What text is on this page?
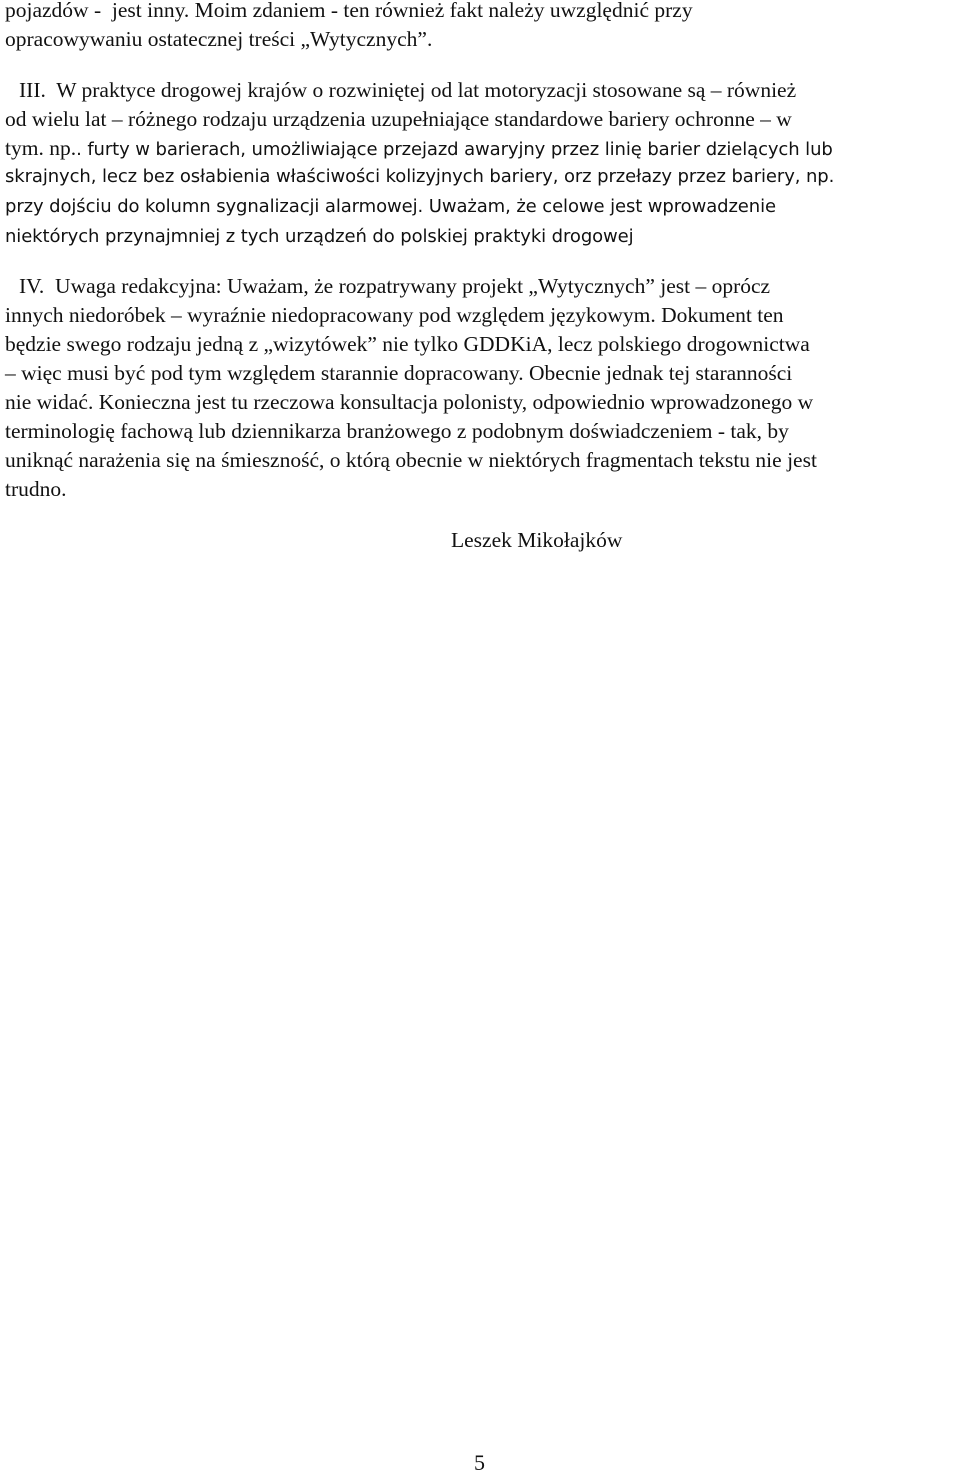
pojazdów -  jest inny. Moim zdaniem - ten również fakt należy uwzględnić przy
opracowywaniu ostatecznej treści „Wytycznych”.
III.  W praktyce drogowej krajów o rozwiniętej od lat motoryzacji stosowane są – również
od wielu lat – różnego rodzaju urządzenia uzupełniające standardowe bariery ochronne – w
tym. np.. furty w barierach, umożliwiające przejazd awaryjny przez linię barier dzielących lub
skrajnych, lecz bez osłabienia właściwości kolizyjnych bariery, orz przełazy przez bariery, np.
przy dojściu do kolumn sygnalizacji alarmowej. Uważam, że celowe jest wprowadzenie
niektórych przynajmniej z tych urządzeń do polskiej praktyki drogowej
IV.  Uwaga redakcyjna: Uważam, że rozpatrywany projekt „Wytycznych” jest – oprócz
innych niedoróbek – wyraźnie niedopracowany pod względem językowym. Dokument ten
będzie swego rodzaju jedną z „wizytówek” nie tylko GDDKiA, lecz polskiego drogownictwa
– więc musi być pod tym względem starannie dopracowany. Obecnie jednak tej staranności
nie widać. Konieczna jest tu rzeczowa konsultacja polonisty, odpowiednio wprowadzonego w
terminologię fachową lub dziennikarza branżowego z podobnym doświadczeniem - tak, by
uniknąć narażenia się na śmieszność, o którą obecnie w niektórych fragmentach tekstu nie jest
trudno.
Leszek Mikołajków
5
